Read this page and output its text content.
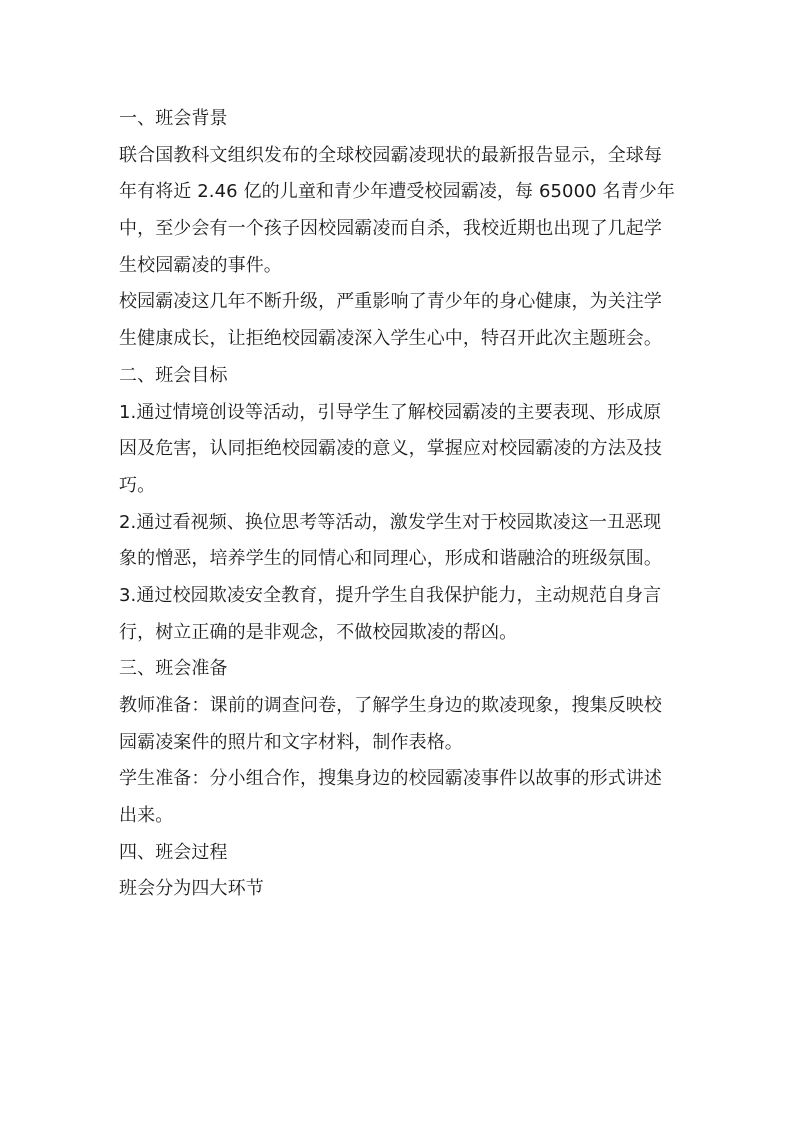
一、班会背景
联合国教科文组织发布的全球校园霸凌现状的最新报告显示，全球每
年有将近 2.46 亿的儿童和青少年遭受校园霸凌，每 65000 名青少年
中，至少会有一个孩子因校园霸凌而自杀，我校近期也出现了几起学
生校园霸凌的事件。
校园霸凌这几年不断升级，严重影响了青少年的身心健康，为关注学
生健康成长，让拒绝校园霸凌深入学生心中，特召开此次主题班会。
二、班会目标
1.通过情境创设等活动，引导学生了解校园霸凌的主要表现、形成原
因及危害，认同拒绝校园霸凌的意义，掌握应对校园霸凌的方法及技
巧。
2.通过看视频、换位思考等活动，激发学生对于校园欺凌这一丑恶现
象的憎恶，培养学生的同情心和同理心，形成和谐融洽的班级氛围。
3.通过校园欺凌安全教育，提升学生自我保护能力，主动规范自身言
行，树立正确的是非观念，不做校园欺凌的帮凶。
三、班会准备
教师准备：课前的调查问卷，了解学生身边的欺凌现象，搜集反映校
园霸凌案件的照片和文字材料，制作表格。
学生准备：分小组合作，搜集身边的校园霸凌事件以故事的形式讲述
出来。
四、班会过程
班会分为四大环节
